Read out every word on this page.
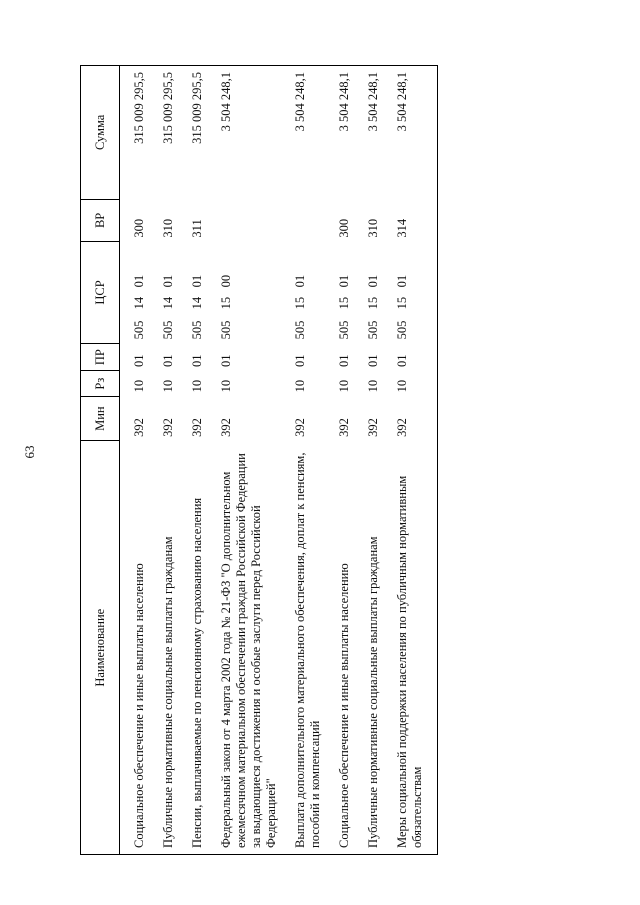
63
Наименование	Мин	Рз	ПР	ЦСР	ВР	Сумма

Социальное обеспечение и иные выплаты населению	392	10	01	5051401	300	315 009 295,5

Публичные нормативные социальные выплаты гражданам	392	10	01	5051401	310	315 009 295,5

Пенсии, выплачиваемые по пенсионному страхованию населения	392	10	01	5051401	311	315 009 295,5

Федеральный закон от 4 марта 2002 года № 21-ФЗ "О дополнительном ежемесячном материальном обеспечении граждан Российской Федерации за выдающиеся достижения и особые заслуги перед Российской Федерацией"	392	10	01	5051500		3 504 248,1

Выплата дополнительного материального обеспечения, доплат к пенсиям, пособий и компенсаций	392	10	01	5051501		3 504 248,1

Социальное обеспечение и иные выплаты населению	392	10	01	5051501	300	3 504 248,1

Публичные нормативные социальные выплаты гражданам	392	10	01	5051501	310	3 504 248,1

Меры социальной поддержки населения по публичным нормативным обязательствам	392	10	01	5051501	314	3 504 248,1
